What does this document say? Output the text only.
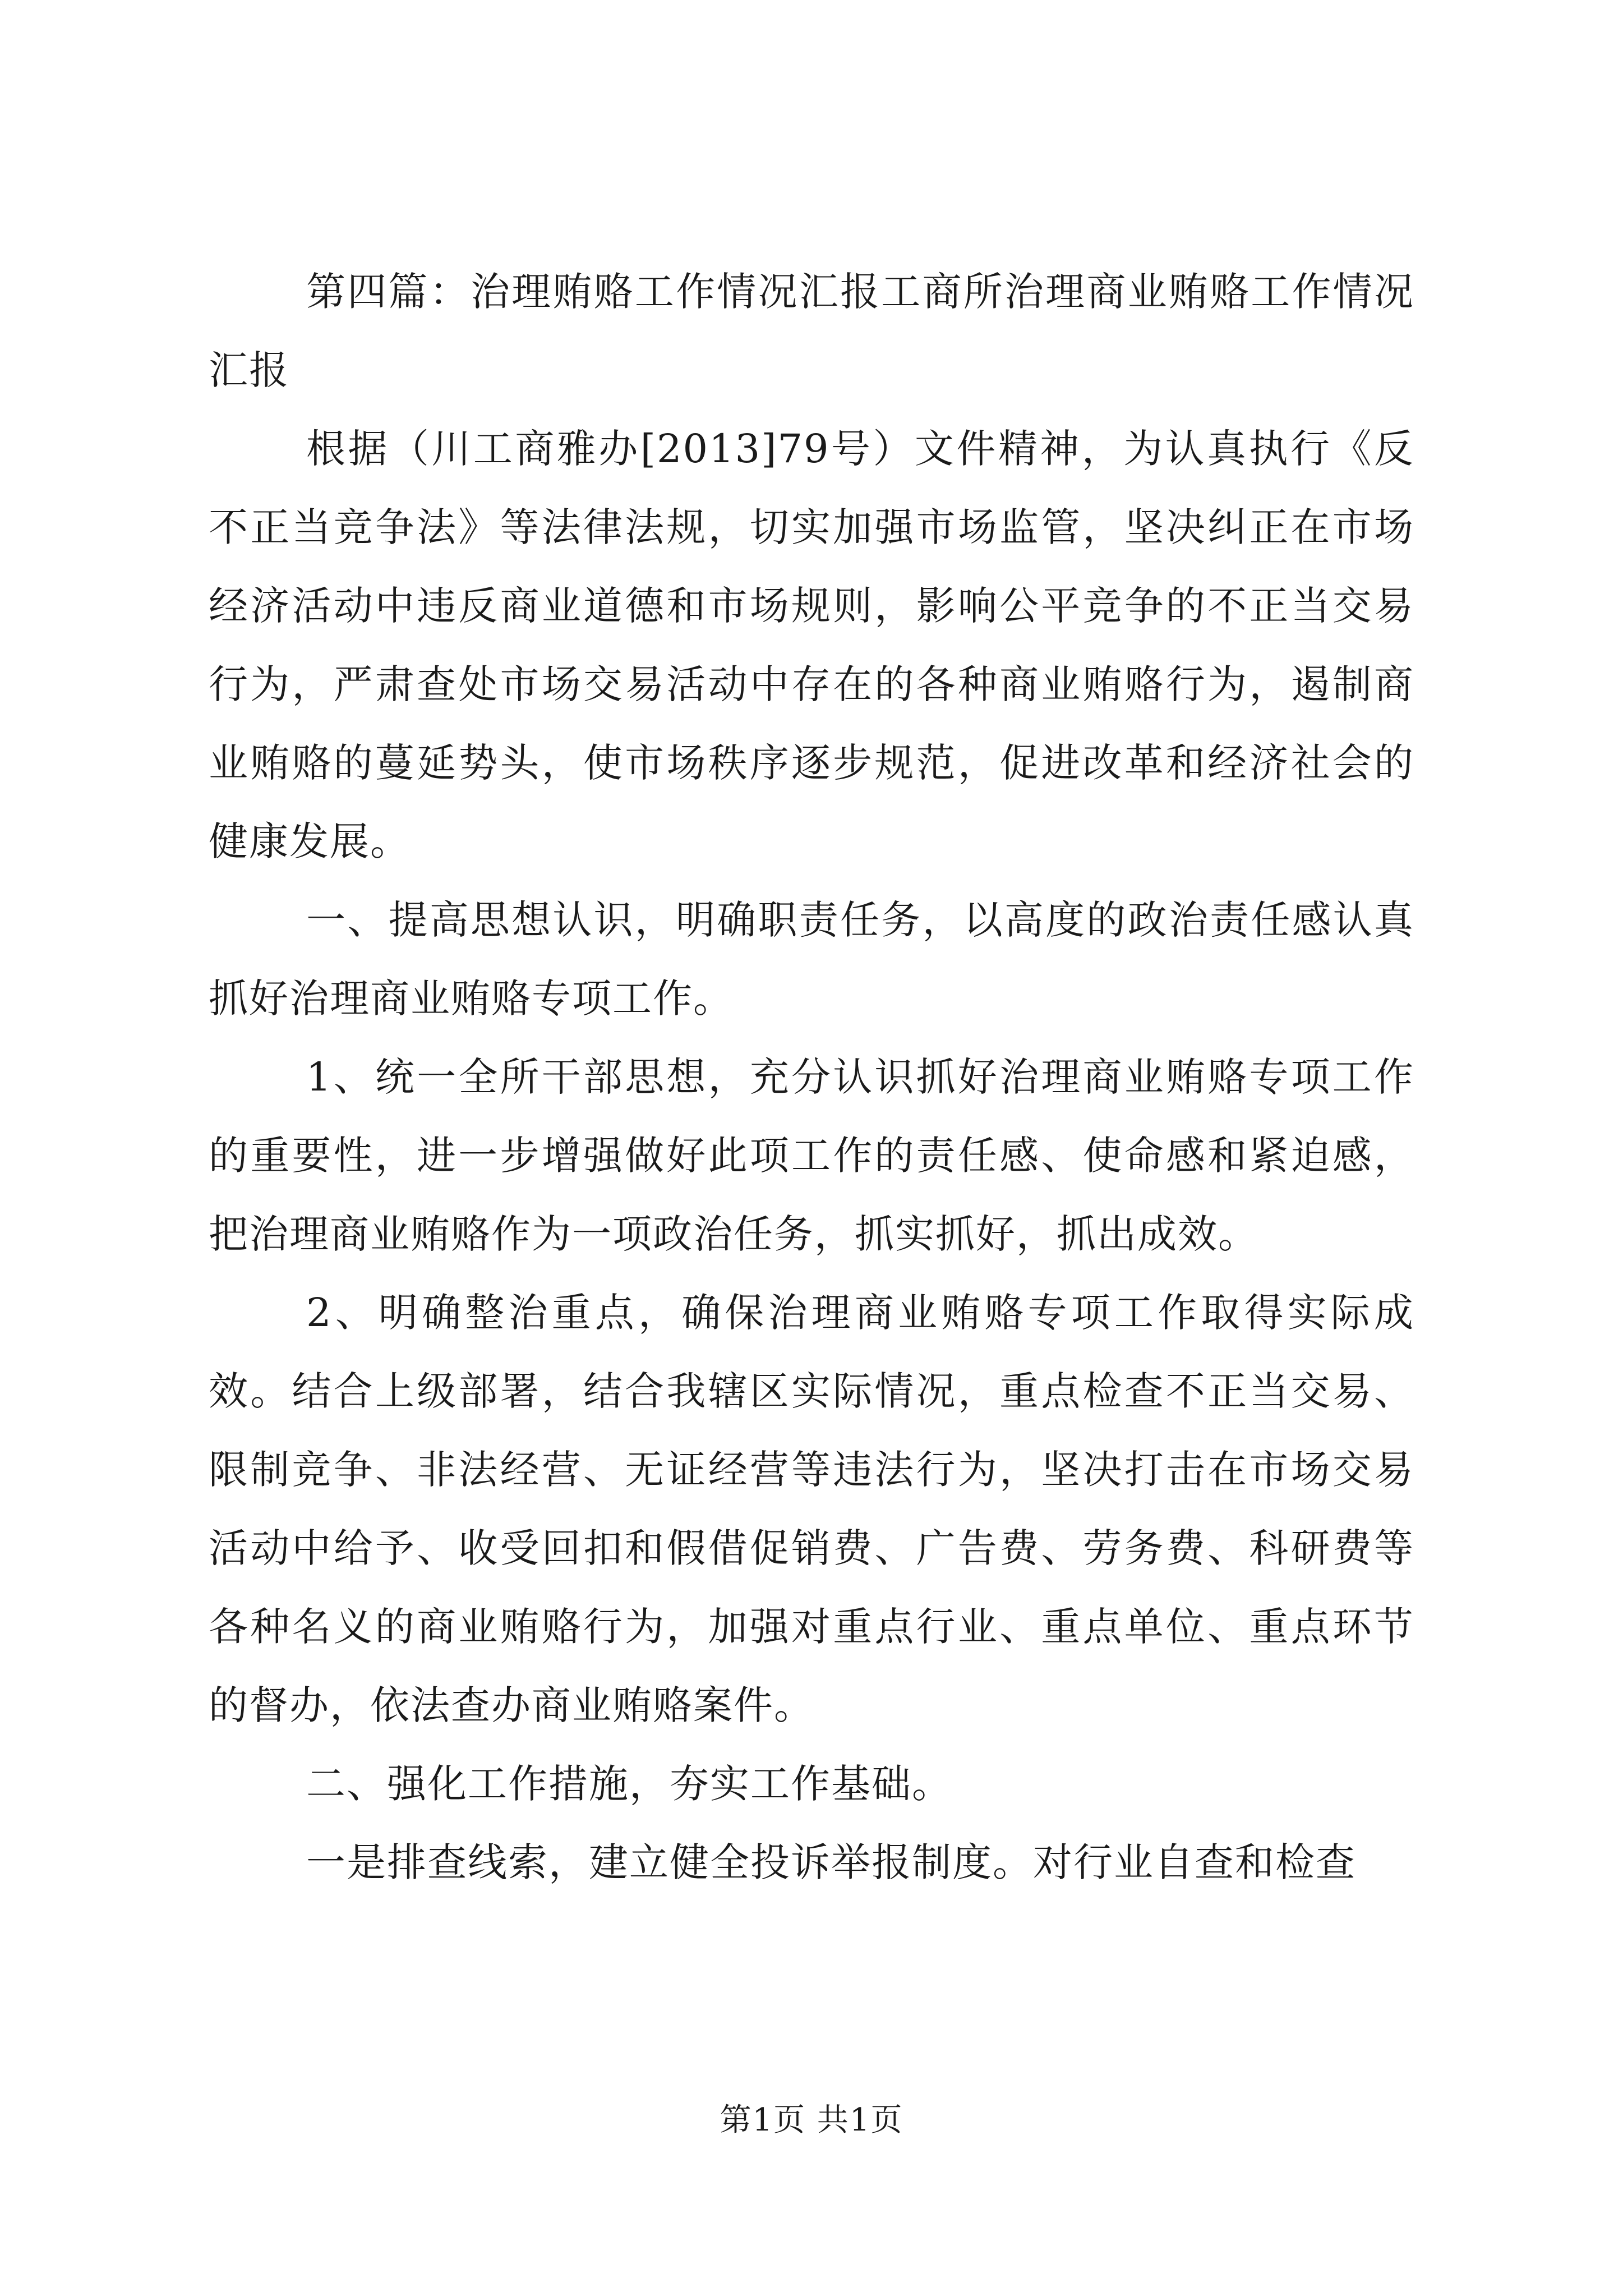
第四篇：治理贿赂工作情况汇报工商所治理商业贿赂工作情况汇报

根据（川工商雅办[2013]79号）文件精神，为认真执行《反不正当竞争法》等法律法规，切实加强市场监管，坚决纠正在市场经济活动中违反商业道德和市场规则，影响公平竞争的不正当交易行为，严肃查处市场交易活动中存在的各种商业贿赂行为，遏制商业贿赂的蔓延势头，使市场秩序逐步规范，促进改革和经济社会的健康发展。

一、提高思想认识，明确职责任务，以高度的政治责任感认真抓好治理商业贿赂专项工作。

1、统一全所干部思想，充分认识抓好治理商业贿赂专项工作的重要性，进一步增强做好此项工作的责任感、使命感和紧迫感，把治理商业贿赂作为一项政治任务，抓实抓好，抓出成效。

2、明确整治重点，确保治理商业贿赂专项工作取得实际成效。结合上级部署，结合我辖区实际情况，重点检查不正当交易、限制竞争、非法经营、无证经营等违法行为，坚决打击在市场交易活动中给予、收受回扣和假借促销费、广告费、劳务费、科研费等各种名义的商业贿赂行为，加强对重点行业、重点单位、重点环节的督办，依法查办商业贿赂案件。

二、强化工作措施，夯实工作基础。

一是排查线索，建立健全投诉举报制度。对行业自查和检查

第1页 共1页
